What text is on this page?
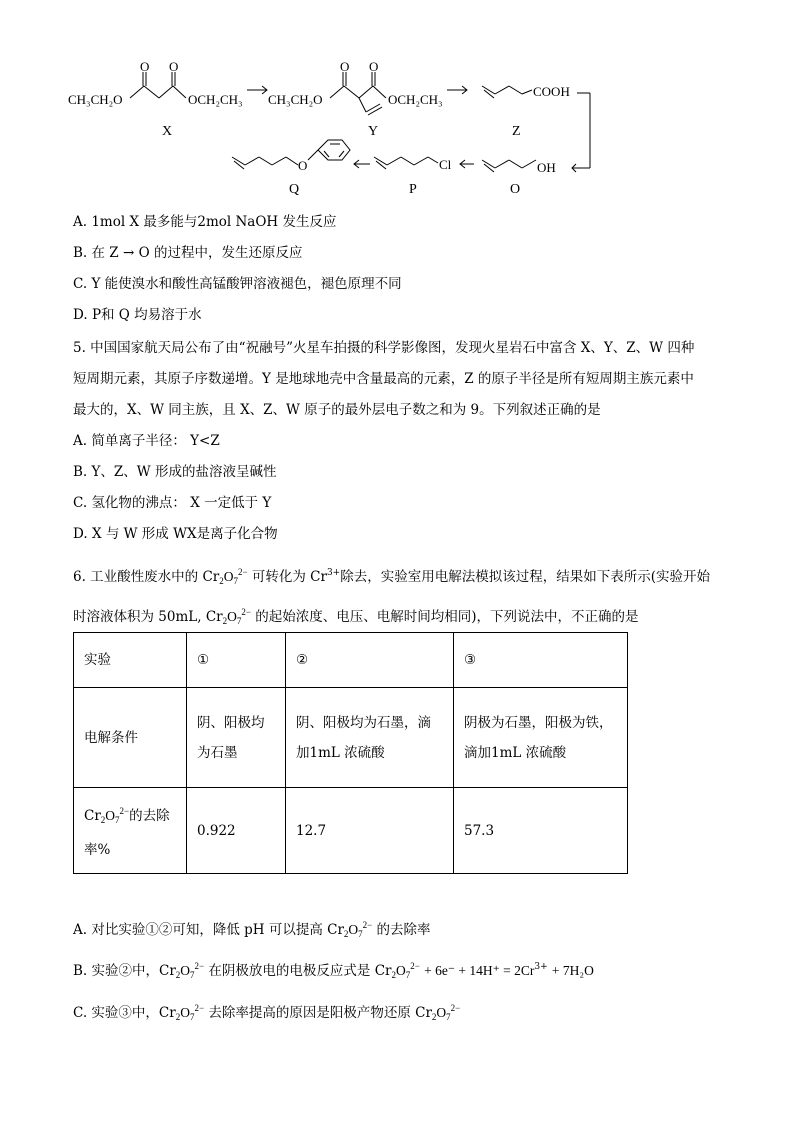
CH₃CH₂O	OCH₂CH₃
O O
CH₃CH₂O	OCH₂CH₃
O O
COOH
OH
Cl
O
X	Y	Z
O
P
Q
A. 1mol X 最多能与2mol NaOH 发生反应
B. 在 Z → O 的过程中，发生还原反应
C. Y 能使溴水和酸性高锰酸钾溶液褪色，褪色原理不同
D. P和 Q 均易溶于水
5. 中国国家航天局公布了由“祝融号”火星车拍摄的科学影像图，发现火星岩石中富含 X、Y、Z、W 四种
短周期元素，其原子序数递增。Y 是地球地壳中含量最高的元素，Z 的原子半径是所有短周期主族元素中
最大的，X、W 同主族，且 X、Z、W 原子的最外层电子数之和为 9。下列叙述正确的是
A. 简单离子半径： Y<Z
B. Y、Z、W 形成的盐溶液呈碱性
C. 氢化物的沸点： X 一定低于 Y
D. X 与 W 形成 WX是离子化合物
6. 工业酸性废水中的 $Cr_2O_7^{2-}$ 可转化为 $Cr^{3+}$除去，实验室用电解法模拟该过程，结果如下表所示(实验开始
时溶液体积为 50mL, $Cr_2O_7^{2-}$ 的起始浓度、电压、电解时间均相同)，下列说法中，不正确的是
实验	①	②	③
电解条件	阴、阳极均为石墨	阴、阳极均为石墨，滴加1mL 浓硫酸	阴极为石墨，阳极为铁，滴加1mL 浓硫酸
$Cr_2O_7^{2-}$的去除率%	0.922	12.7	57.3
A. 对比实验①②可知，降低 pH 可以提高 $Cr_2O_7^{2-}$ 的去除率
B. 实验②中，$Cr_2O_7^{2-}$ 在阴极放电的电极反应式是 $Cr_2O_7^{2-} + 6e^- + 14H^+ = 2Cr^{3+} + 7H_2O$
C. 实验③中，$Cr_2O_7^{2-}$ 去除率提高的原因是阳极产物还原 $Cr_2O_7^{2-}$
